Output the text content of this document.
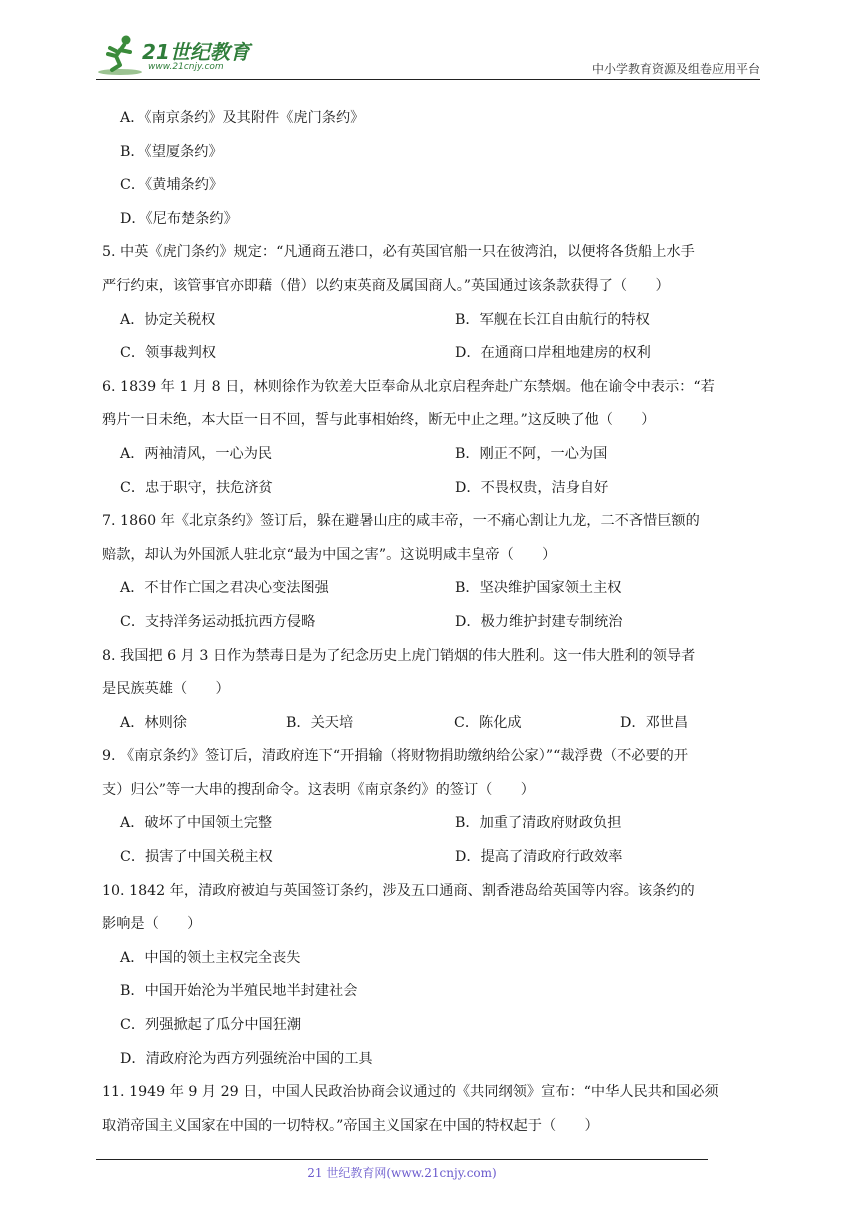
21世纪教育
www.21cnjy.com	中小学教育资源及组卷应用平台
A．《南京条约》及其附件《虎门条约》
B．《望厦条约》
C．《黄埔条约》
D．《尼布楚条约》
5. 中英《虎门条约》规定：“凡通商五港口，必有英国官船一只在彼湾泊，以便将各货船上水手
严行约束，该管事官亦即藉（借）以约束英商及属国商人。”英国通过该条款获得了（　　）
A．协定关税权	B．军舰在长江自由航行的特权
C．领事裁判权	D．在通商口岸租地建房的权利
6. 1839 年 1 月 8 日，林则徐作为钦差大臣奉命从北京启程奔赴广东禁烟。他在谕令中表示：“若
鸦片一日未绝，本大臣一日不回，誓与此事相始终，断无中止之理。”这反映了他（　　）
A．两袖清风，一心为民	B．刚正不阿，一心为国
C．忠于职守，扶危济贫	D．不畏权贵，洁身自好
7. 1860 年《北京条约》签订后，躲在避暑山庄的咸丰帝，一不痛心割让九龙，二不吝惜巨额的
赔款，却认为外国派人驻北京“最为中国之害”。这说明咸丰皇帝（　　）
A．不甘作亡国之君决心变法图强	B．坚决维护国家领土主权
C．支持洋务运动抵抗西方侵略	D．极力维护封建专制统治
8. 我国把 6 月 3 日作为禁毒日是为了纪念历史上虎门销烟的伟大胜利。这一伟大胜利的领导者
是民族英雄（　　）
A．林则徐	B．关天培	C．陈化成	D．邓世昌
9. 《南京条约》签订后，清政府连下“开捐输（将财物捐助缴纳给公家）”“裁浮费（不必要的开
支）归公”等一大串的搜刮命令。这表明《南京条约》的签订（　　）
A．破坏了中国领土完整	B．加重了清政府财政负担
C．损害了中国关税主权	D．提高了清政府行政效率
10. 1842 年，清政府被迫与英国签订条约，涉及五口通商、割香港岛给英国等内容。该条约的
影响是（　　）
A．中国的领土主权完全丧失
B．中国开始沦为半殖民地半封建社会
C．列强掀起了瓜分中国狂潮
D．清政府沦为西方列强统治中国的工具
11. 1949 年 9 月 29 日，中国人民政治协商会议通过的《共同纲领》宣布：“中华人民共和国必须
取消帝国主义国家在中国的一切特权。”帝国主义国家在中国的特权起于（　　）
21 世纪教育网(www.21cnjy.com)
